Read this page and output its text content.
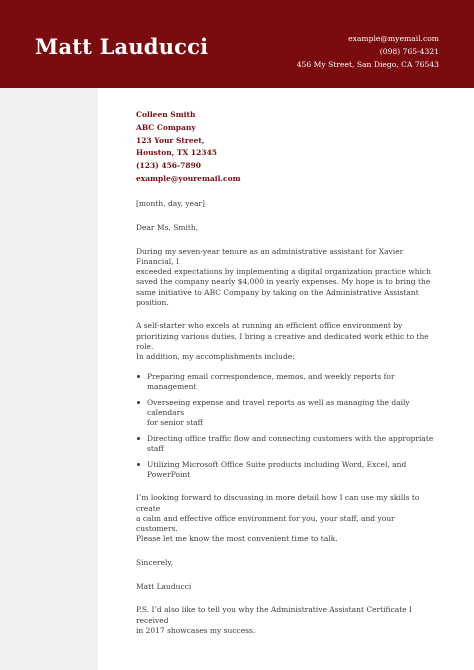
Matt Lauducci	example@myemail.com
(098) 765-4321
456 My Street, San Diego, CA 76543
Colleen Smith
ABC Company
123 Your Street,
Houston, TX 12345
(123) 456-7890
example@youremail.com
[month, day, year]
Dear Ms. Smith,
During my seven-year tenure as an administrative assistant for Xavier Financial, I
exceeded expectations by implementing a digital organization practice which
saved the company nearly $4,000 in yearly expenses. My hope is to bring the
same initiative to ABC Company by taking on the Administrative Assistant
position.
A self-starter who excels at running an efficient office environment by
prioritizing various duties, I bring a creative and dedicated work ethic to the role.
In addition, my accomplishments include:
Preparing email correspondence, memos, and weekly reports for management
Overseeing expense and travel reports as well as managing the daily calendars
for senior staff
Directing office traffic flow and connecting customers with the appropriate
staff
Utilizing Microsoft Office Suite products including Word, Excel, and
PowerPoint
I’m looking forward to discussing in more detail how I can use my skills to create
a calm and effective office environment for you, your staff, and your customers.
Please let me know the most convenient time to talk.
Sincerely,
Matt Lauducci
P.S. I’d also like to tell you why the Administrative Assistant Certificate I received
in 2017 showcases my success.
